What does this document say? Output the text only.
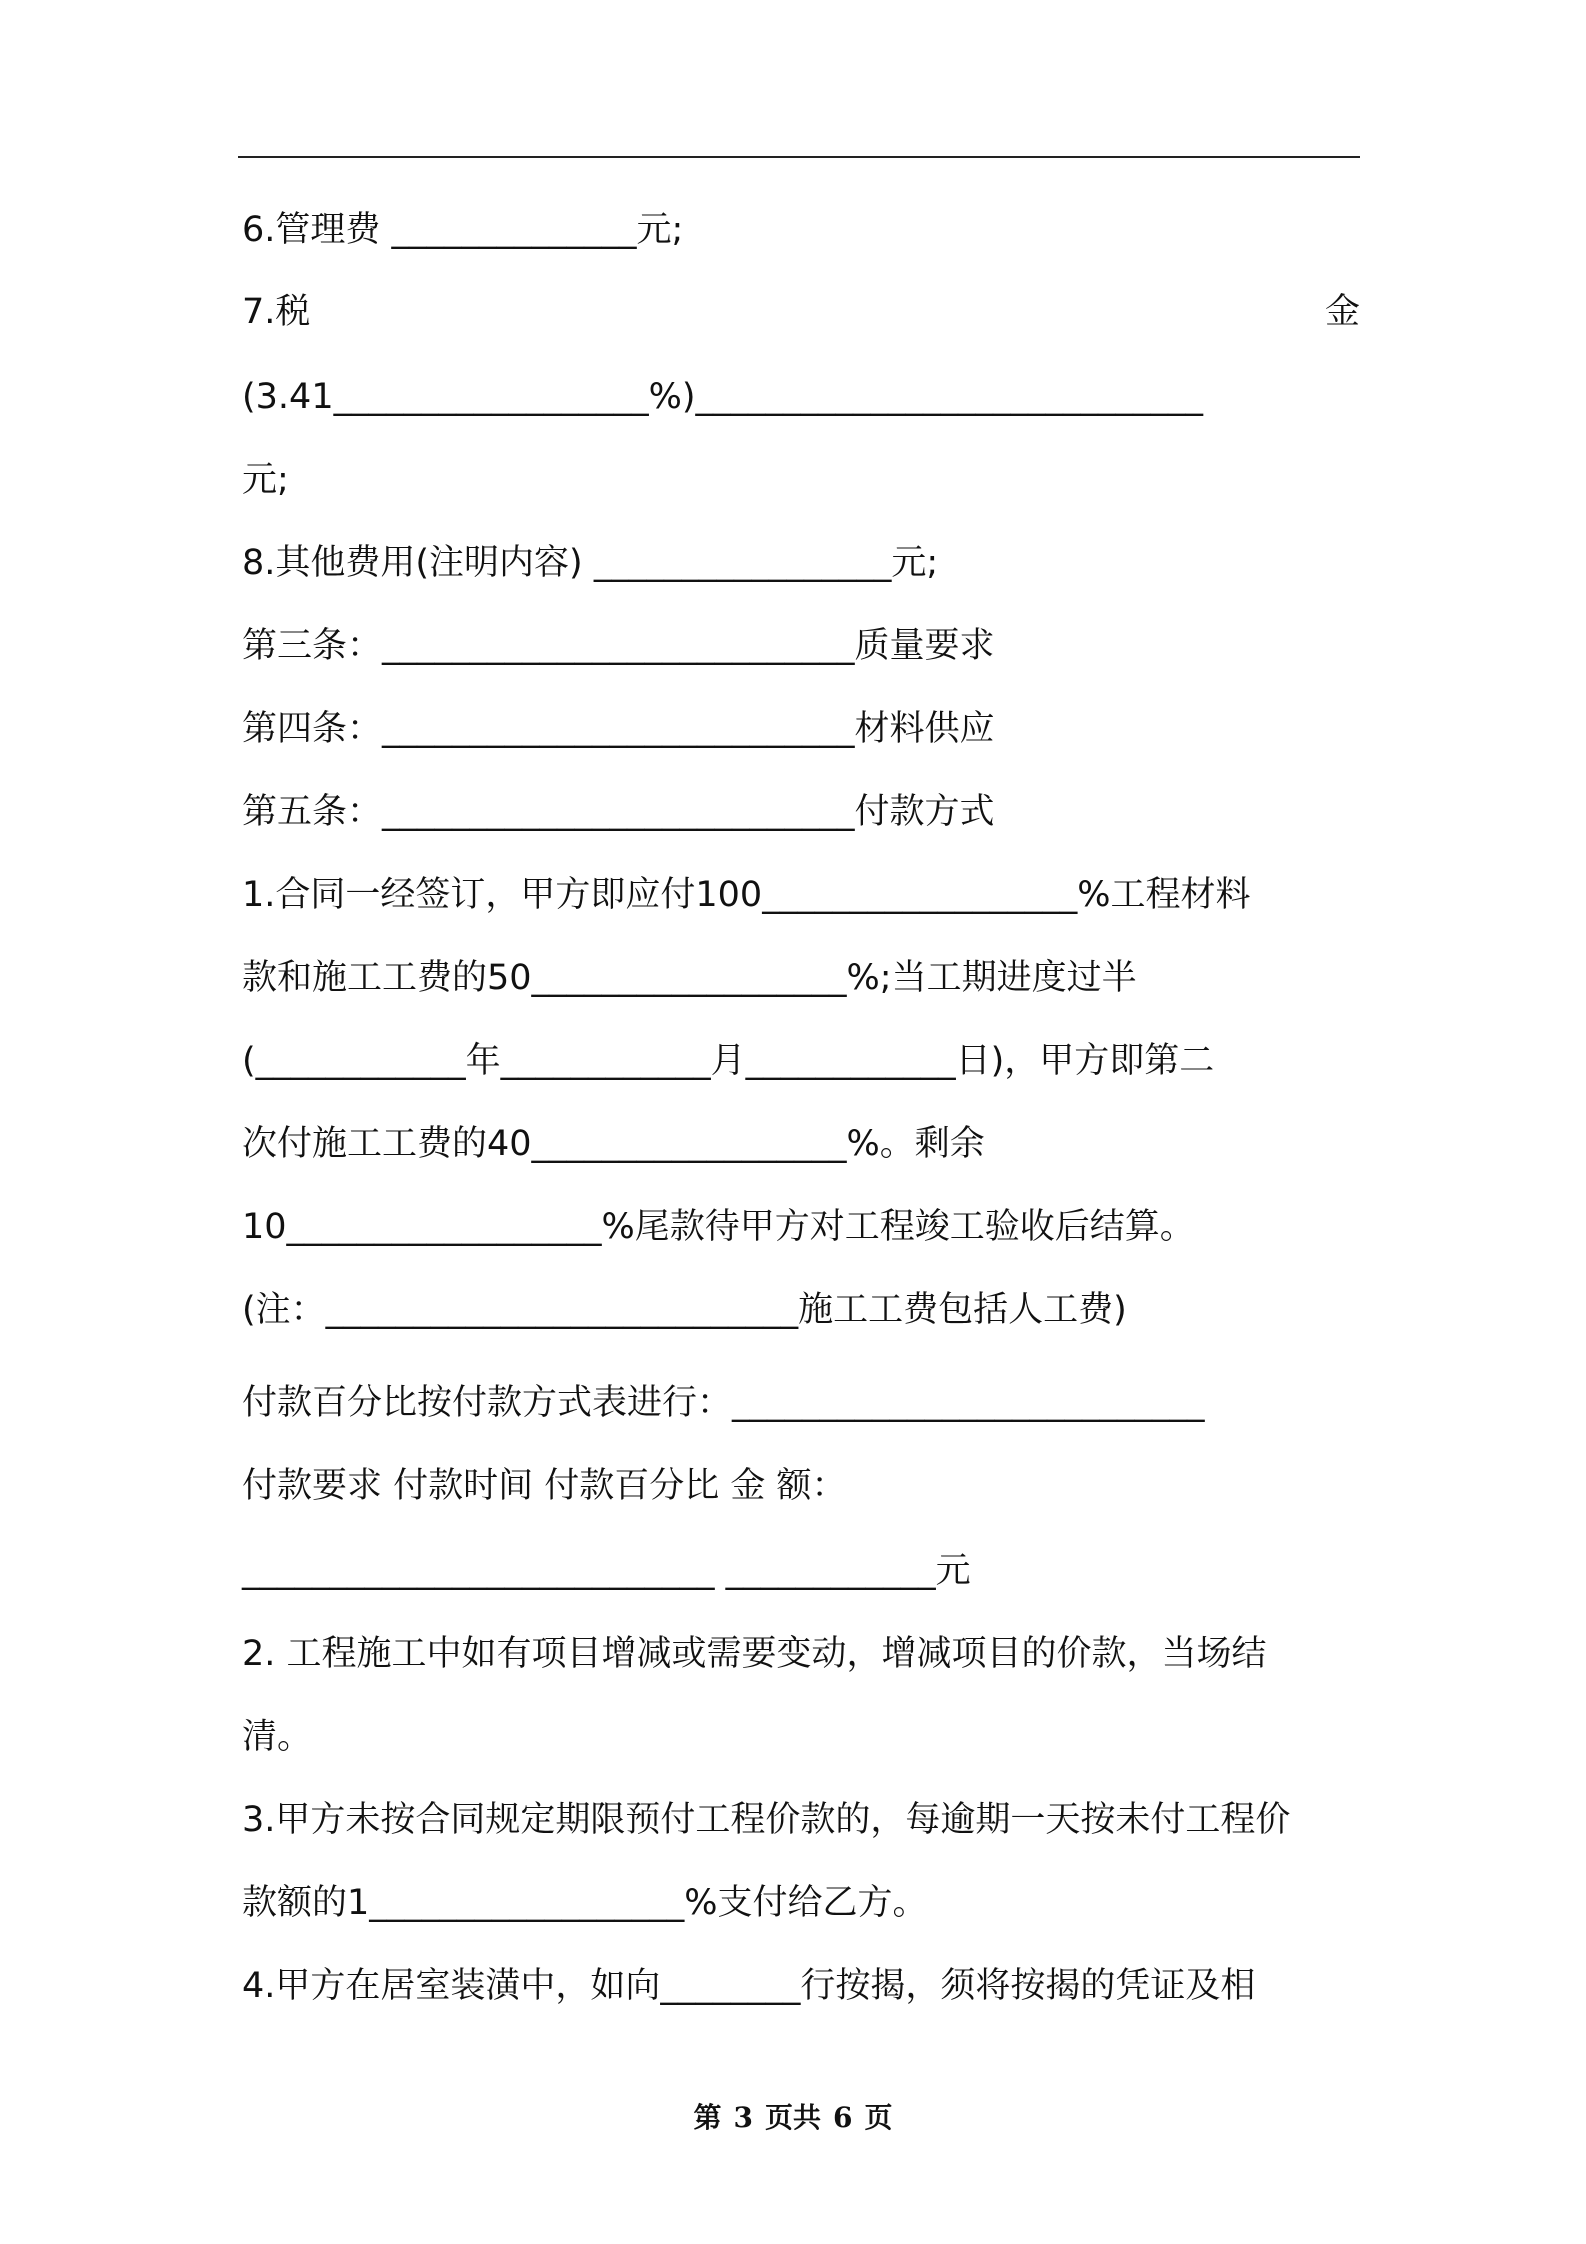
6.管理费 ______________元;
7.税	金
(3.41__________________%)_____________________________
元;
8.其他费用(注明内容) _________________元;
第三条：___________________________质量要求
第四条：___________________________材料供应
第五条：___________________________付款方式
1.合同一经签订，甲方即应付100__________________%工程材料
款和施工工费的50__________________%;当工期进度过半
(____________年____________月____________日)，甲方即第二
次付施工工费的40__________________%。剩余
10__________________%尾款待甲方对工程竣工验收后结算。
(注：___________________________施工工费包括人工费)
付款百分比按付款方式表进行：___________________________
付款要求 付款时间 付款百分比 金 额：
___________________________ ____________元
2. 工程施工中如有项目增减或需要变动，增减项目的价款，当场结
清。
3.甲方未按合同规定期限预付工程价款的，每逾期一天按未付工程价
款额的1__________________%支付给乙方。
4.甲方在居室装潢中，如向________行按揭，须将按揭的凭证及相
第 3 页共 6 页
